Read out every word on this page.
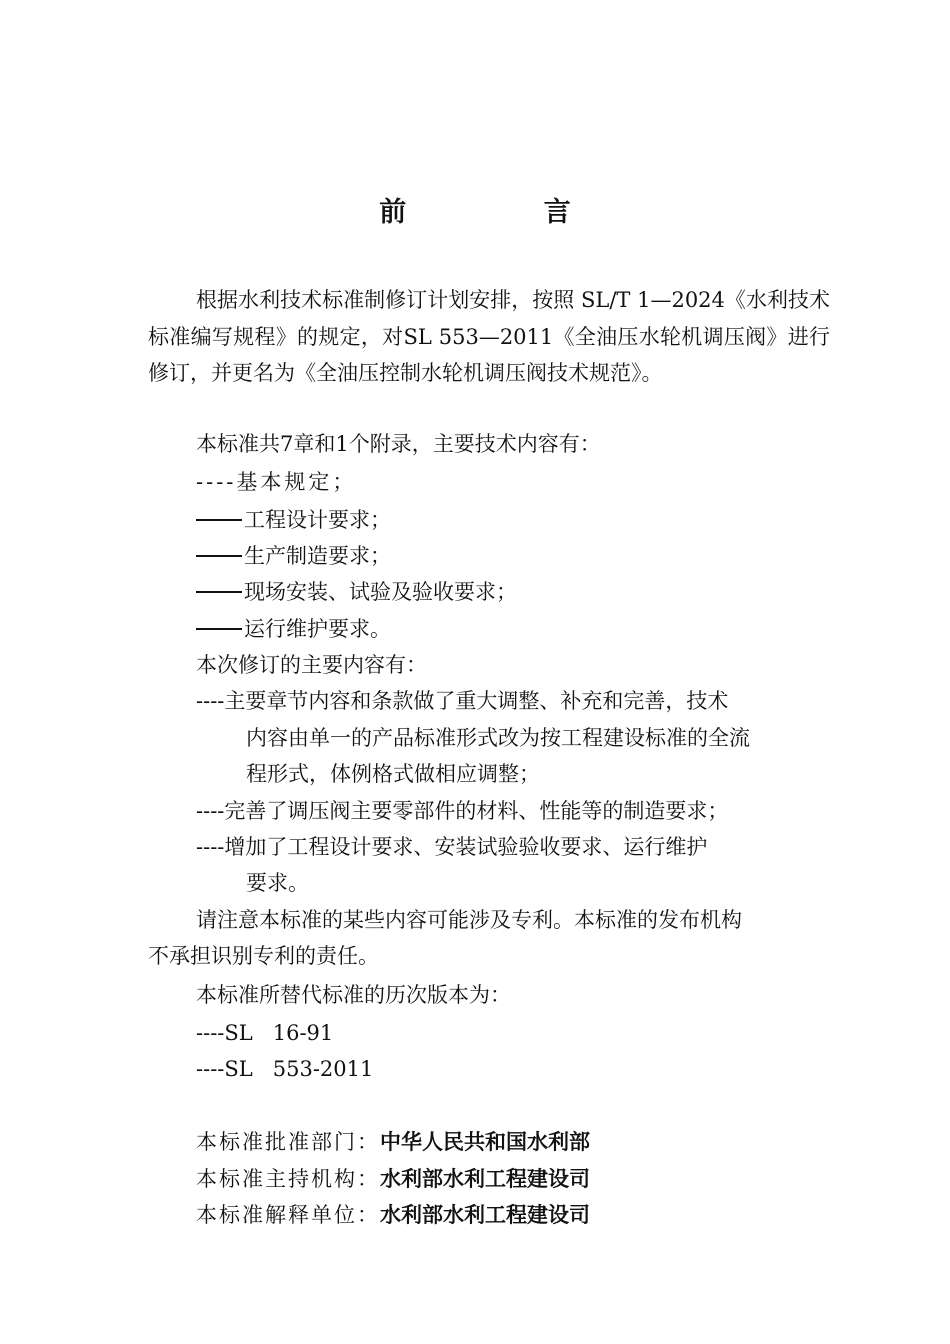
前 言
根据水利技术标准制修订计划安排，按照 SL/T 1—2024《水利技术标准编写规程》的规定，对SL 553—2011《全油压水轮机调压阀》进行修订，并更名为《全油压控制水轮机调压阀技术规范》。
本标准共7章和1个附录，主要技术内容有：
----基本规定；
工程设计要求；
生产制造要求；
现场安装、试验及验收要求；
运行维护要求。
本次修订的主要内容有：
----主要章节内容和条款做了重大调整、补充和完善，技术
内容由单一的产品标准形式改为按工程建设标准的全流
程形式，体例格式做相应调整；
----完善了调压阀主要零部件的材料、性能等的制造要求；
----增加了工程设计要求、安装试验验收要求、运行维护
要求。
请注意本标准的某些内容可能涉及专利。本标准的发布机构
不承担识别专利的责任。
本标准所替代标准的历次版本为：
----SL   16-91
----SL   553-2011
本标准批准部门：中华人民共和国水利部
本标准主持机构：水利部水利工程建设司
本标准解释单位：水利部水利工程建设司
